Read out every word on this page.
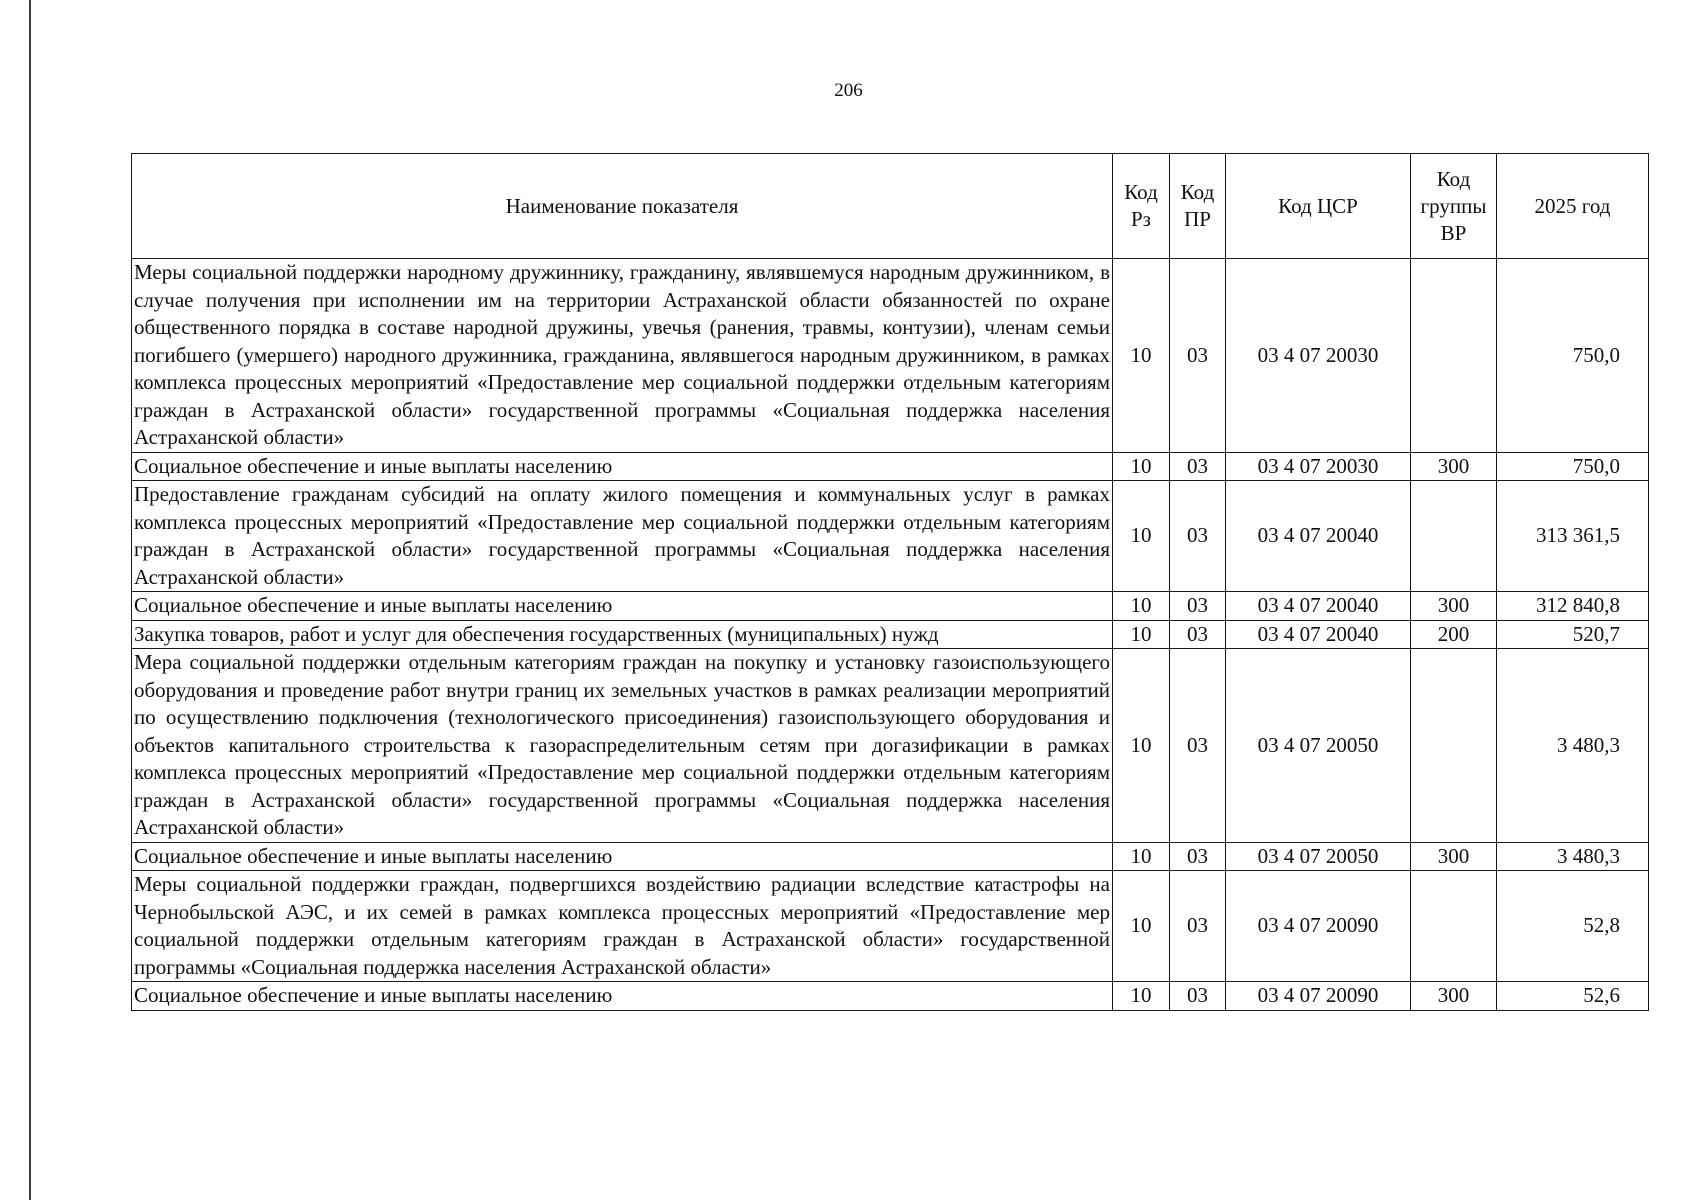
206
Наименование показателя	Код Рз	Код ПР	Код ЦСР	Код группы ВР	2025 год
Меры социальной поддержки народному дружиннику, гражданину, являвшемуся народным дружинником, в случае получения при исполнении им на территории Астраханской области обязанностей по охране общественного порядка в составе народной дружины, увечья (ранения, травмы, контузии), членам семьи погибшего (умершего) народного дружинника, гражданина, являвшегося народным дружинником, в рамках комплекса процессных мероприятий «Предоставление мер социальной поддержки отдельным категориям граждан в Астраханской области» государственной программы «Социальная поддержка населения Астраханской области»	10	03	03 4 07 20030		750,0
Социальное обеспечение и иные выплаты населению	10	03	03 4 07 20030	300	750,0
Предоставление гражданам субсидий на оплату жилого помещения и коммунальных услуг в рамках комплекса процессных мероприятий «Предоставление мер социальной поддержки отдельным категориям граждан в Астраханской области» государственной программы «Социальная поддержка населения Астраханской области»	10	03	03 4 07 20040		313 361,5
Социальное обеспечение и иные выплаты населению	10	03	03 4 07 20040	300	312 840,8
Закупка товаров, работ и услуг для обеспечения государственных (муниципальных) нужд	10	03	03 4 07 20040	200	520,7
Мера социальной поддержки отдельным категориям граждан на покупку и установку газоиспользующего оборудования и проведение работ внутри границ их земельных участков в рамках реализации мероприятий по осуществлению подключения (технологического присоединения) газоиспользующего оборудования и объектов капитального строительства к газораспределительным сетям при догазификации в рамках комплекса процессных мероприятий «Предоставление мер социальной поддержки отдельным категориям граждан в Астраханской области» государственной программы «Социальная поддержка населения Астраханской области»	10	03	03 4 07 20050		3 480,3
Социальное обеспечение и иные выплаты населению	10	03	03 4 07 20050	300	3 480,3
Меры социальной поддержки граждан, подвергшихся воздействию радиации вследствие катастрофы на Чернобыльской АЭС, и их семей в рамках комплекса процессных мероприятий «Предоставление мер социальной поддержки отдельным категориям граждан в Астраханской области» государственной программы «Социальная поддержка населения Астраханской области»	10	03	03 4 07 20090		52,8
Социальное обеспечение и иные выплаты населению	10	03	03 4 07 20090	300	52,6
